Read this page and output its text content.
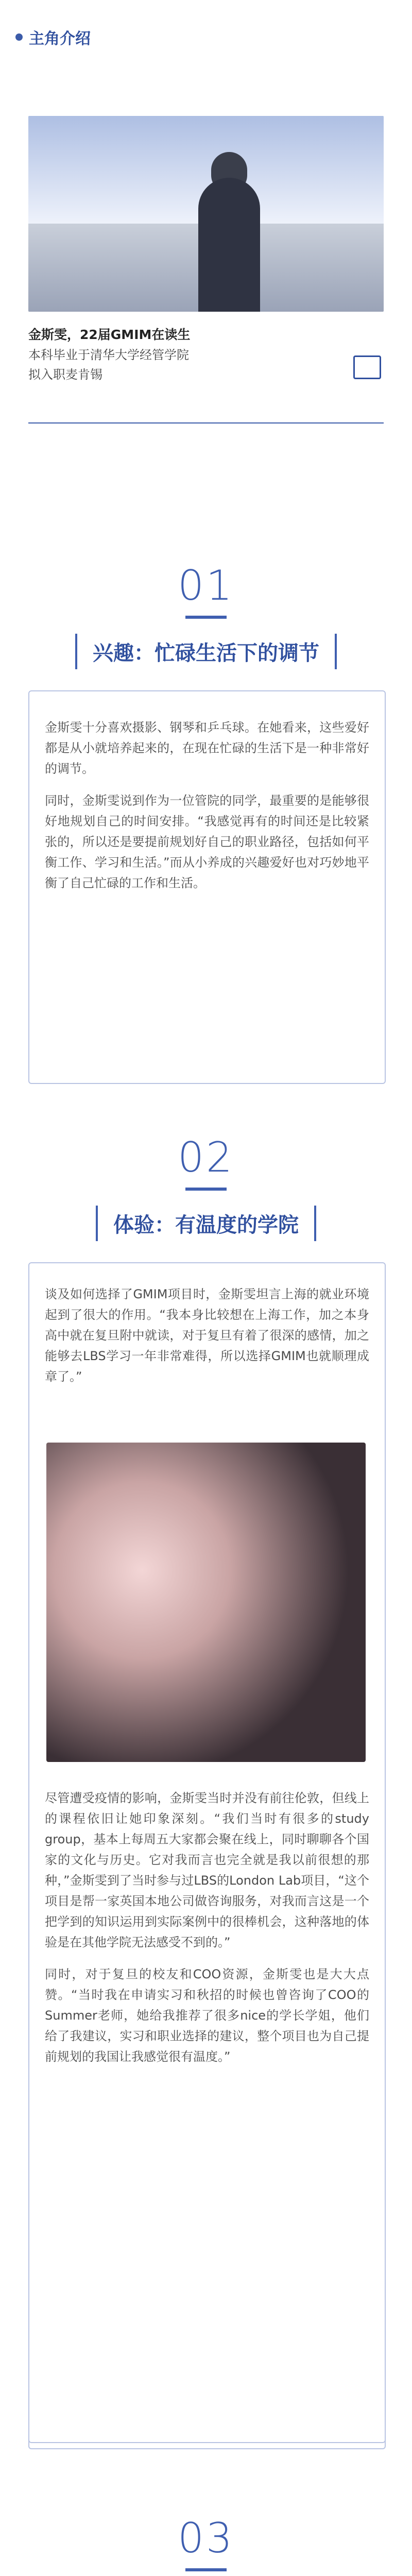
主角介绍
金斯雯，22届GMIM在读生
本科毕业于清华大学经管学院
拟入职麦肯锡
01
兴趣：忙碌生活下的调节

金斯雯十分喜欢摄影、钢琴和乒乓球。在她看来，这些爱好都是从小就培养起来的，在现在忙碌的生活下是一种非常好的调节。

同时，金斯雯说到作为一位管院的同学，最重要的是能够很好地规划自己的时间安排。“我感觉再有的时间还是比较紧张的，所以还是要提前规划好自己的职业路径，包括如何平衡工作、学习和生活。”而从小养成的兴趣爱好也对巧妙地平衡了自己忙碌的工作和生活。

02
体验：有温度的学院

谈及如何选择了GMIM项目时，金斯雯坦言上海的就业环境起到了很大的作用。“我本身比较想在上海工作，加之本身高中就在复旦附中就读，对于复旦有着了很深的感情，加之能够去LBS学习一年非常难得，所以选择GMIM也就顺理成章了。”

尽管遭受疫情的影响，金斯雯当时并没有前往伦敦，但线上的课程依旧让她印象深刻。“我们当时有很多的study group，基本上每周五大家都会聚在线上，同时聊聊各个国家的文化与历史。它对我而言也完全就是我以前很想的那种，”金斯雯到了当时参与过LBS的London Lab项目，“这个项目是帮一家英国本地公司做咨询服务，对我而言这是一个把学到的知识运用到实际案例中的很棒机会，这种落地的体验是在其他学院无法感受不到的。”

同时，对于复旦的校友和COO资源，金斯雯也是大大点赞。“当时我在申请实习和秋招的时候也曾咨询了COO的Summer老师，她给我推荐了很多nice的学长学姐，他们给了我建议，实习和职业选择的建议，整个项目也为自己提前规划的我国让我感觉很有温度。”

03
